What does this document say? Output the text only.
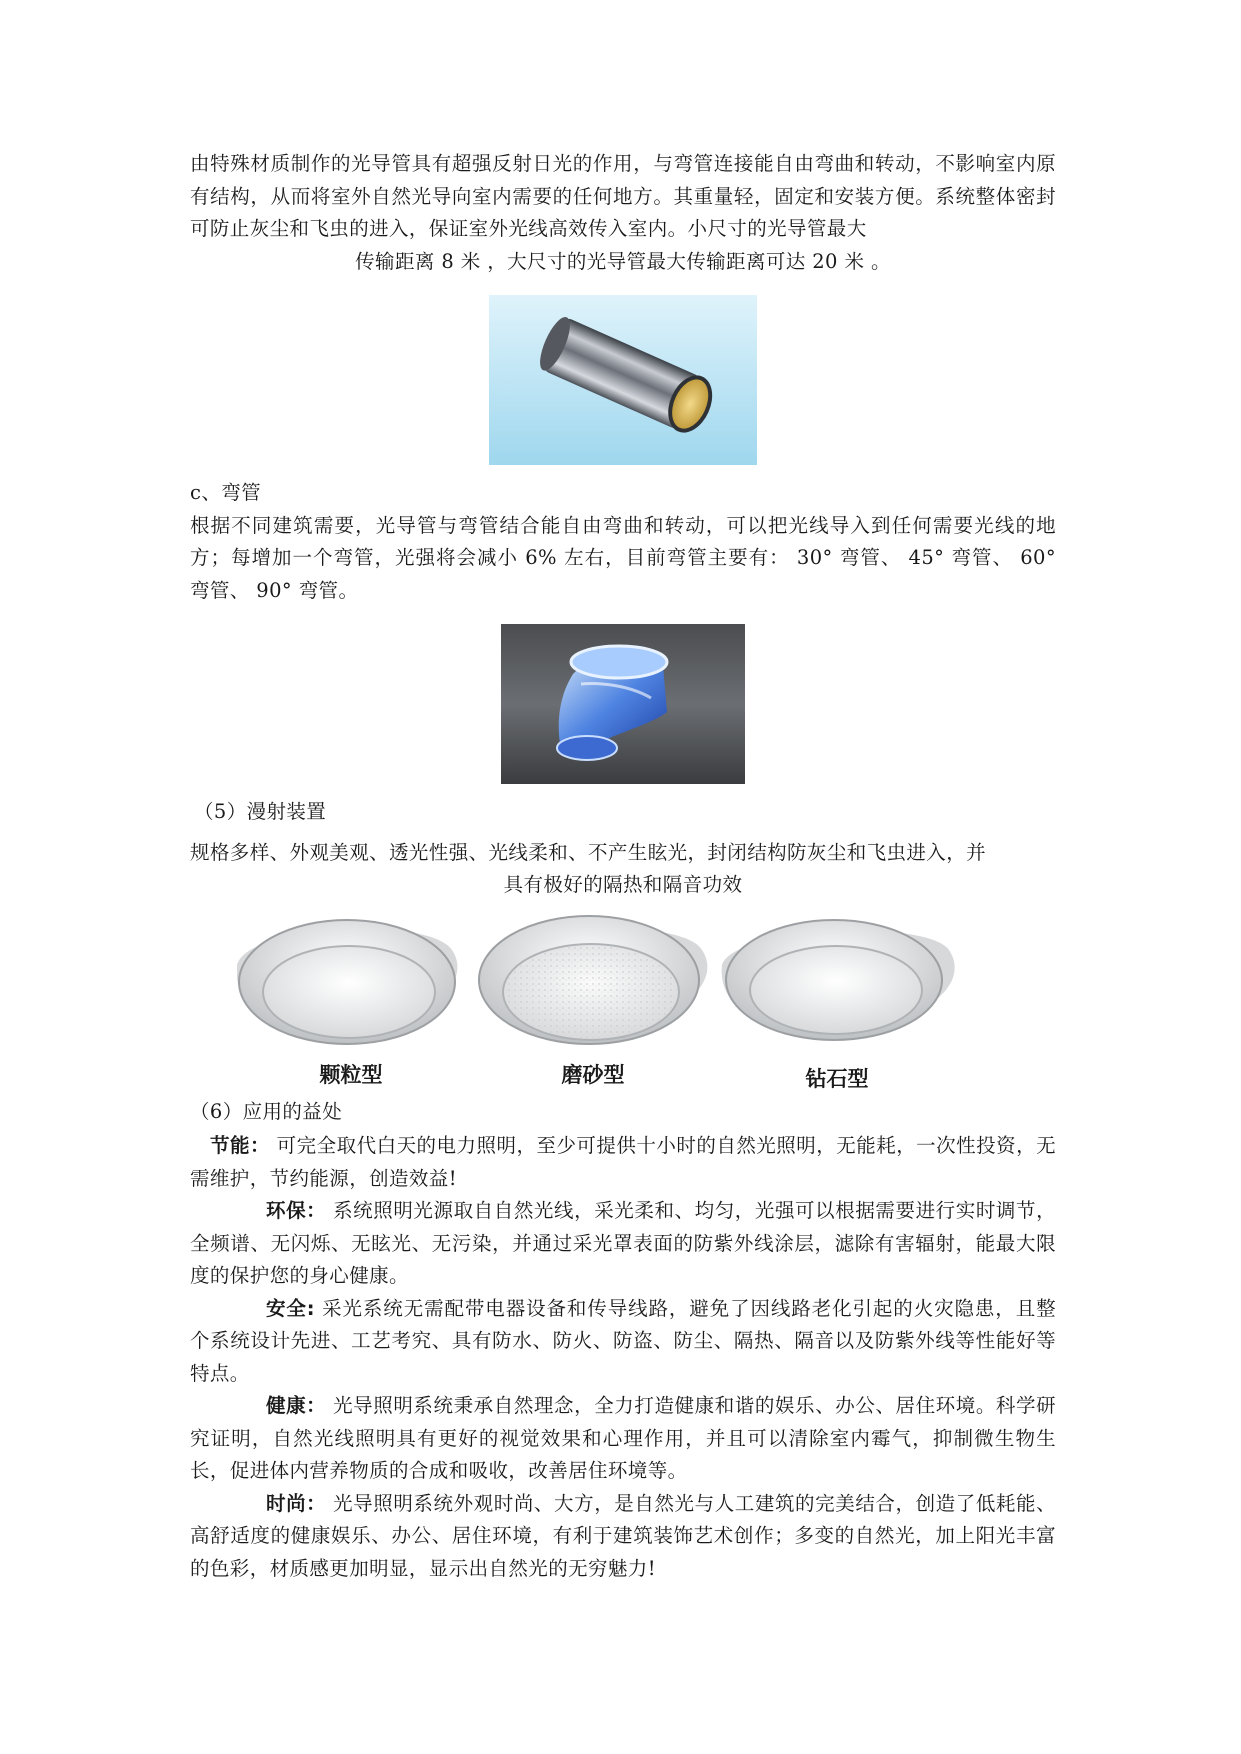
由特殊材质制作的光导管具有超强反射日光的作用，与弯管连接能自由弯曲和转动，不影响室内原有结构，从而将室外自然光导向室内需要的任何地方。其重量轻，固定和安装方便。系统整体密封可防止灰尘和飞虫的进入，保证室外光线高效传入室内。小尺寸的光导管最大

传输距离 8 米 ，大尺寸的光导管最大传输距离可达 20 米 。

c、弯管

根据不同建筑需要，光导管与弯管结合能自由弯曲和转动，可以把光线导入到任何需要光线的地方；每增加一个弯管，光强将会减小 6% 左右，目前弯管主要有： 30° 弯管、 45° 弯管、 60° 弯管、 90° 弯管。

（5）漫射装置

规格多样、外观美观、透光性强、光线柔和、不产生眩光，封闭结构防灰尘和飞虫进入，并

具有极好的隔热和隔音功效

颗粒型	磨砂型	钻石型

（6）应用的益处

节能： 可完全取代白天的电力照明，至少可提供十小时的自然光照明，无能耗，一次性投资，无需维护，节约能源，创造效益!

环保： 系统照明光源取自自然光线，采光柔和、均匀，光强可以根据需要进行实时调节，全频谱、无闪烁、无眩光、无污染，并通过采光罩表面的防紫外线涂层，滤除有害辐射，能最大限度的保护您的身心健康。

安全: 采光系统无需配带电器设备和传导线路，避免了因线路老化引起的火灾隐患，且整个系统设计先进、工艺考究、具有防水、防火、防盗、防尘、隔热、隔音以及防紫外线等性能好等特点。

健康： 光导照明系统秉承自然理念，全力打造健康和谐的娱乐、办公、居住环境。科学研究证明，自然光线照明具有更好的视觉效果和心理作用，并且可以清除室内霉气，抑制微生物生长，促进体内营养物质的合成和吸收，改善居住环境等。

时尚： 光导照明系统外观时尚、大方，是自然光与人工建筑的完美结合，创造了低耗能、高舒适度的健康娱乐、办公、居住环境，有利于建筑装饰艺术创作；多变的自然光，加上阳光丰富的色彩，材质感更加明显，显示出自然光的无穷魅力!
